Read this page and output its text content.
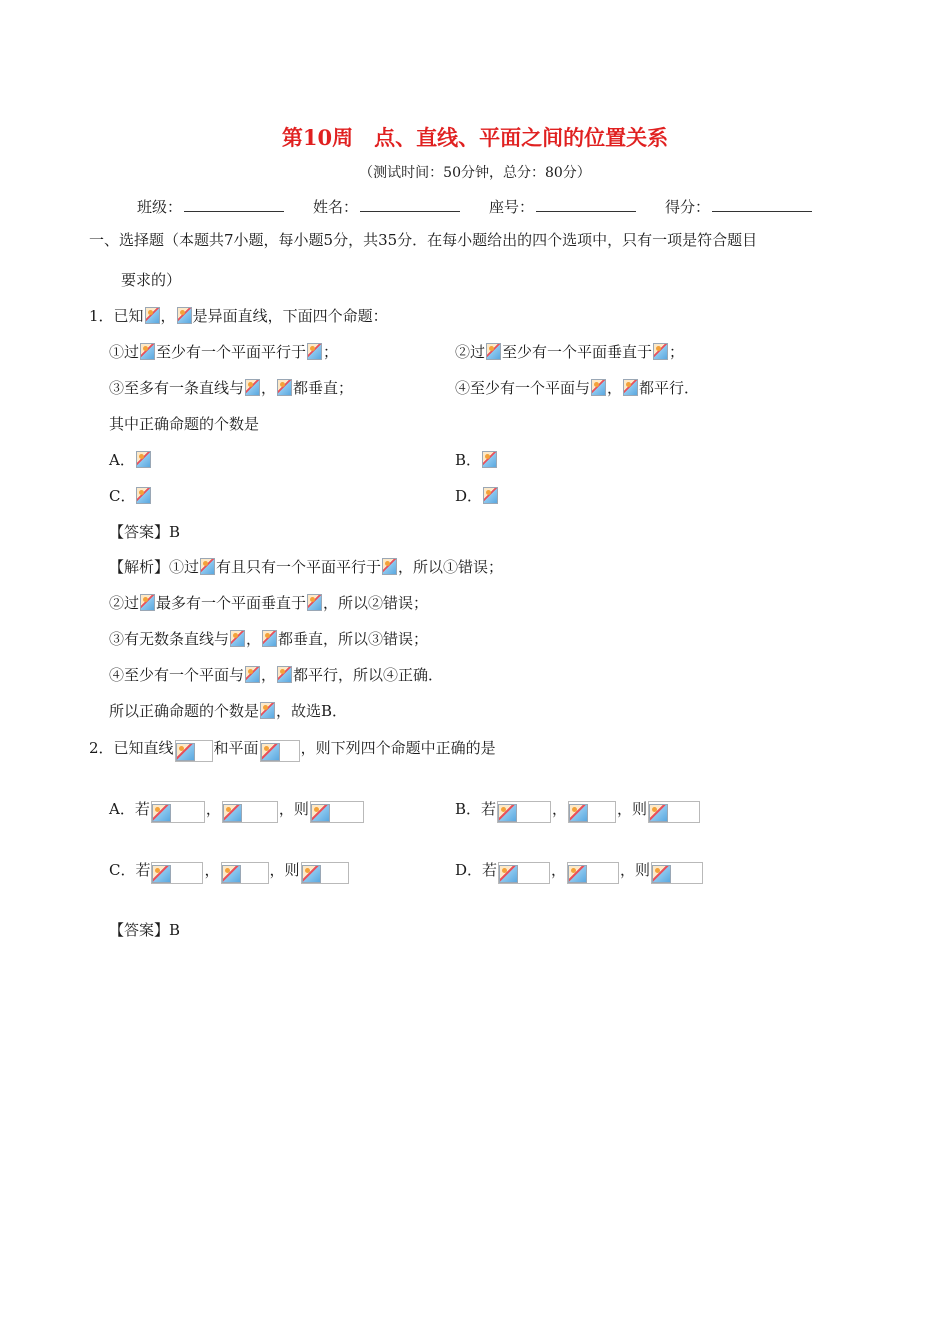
第10周　点、直线、平面之间的位置关系
（测试时间：50分钟，总分：80分）
班级：	姓名：	座号：	得分：
一、选择题（本题共7小题，每小题5分，共35分．在每小题给出的四个选项中，只有一项是符合题目
要求的）
1．已知 ， 是异面直线，下面四个命题：
①过 至少有一个平面平行于 ；	②过 至少有一个平面垂直于 ；
③至多有一条直线与 ， 都垂直；	④至少有一个平面与 ， 都平行．
其中正确命题的个数是
A．	B．
C．	D．
【答案】B
【解析】①过 有且只有一个平面平行于 ，所以①错误；
②过 最多有一个平面垂直于 ，所以②错误；
③有无数条直线与 ， 都垂直，所以③错误；
④至少有一个平面与 ， 都平行，所以④正确．
所以正确命题的个数是 ，故选B．
2．已知直线	和平面	，则下列四个命题中正确的是
A．若	，	，则	B．若	，	，则
C．若	，	，则	D．若	，	，则
【答案】B
